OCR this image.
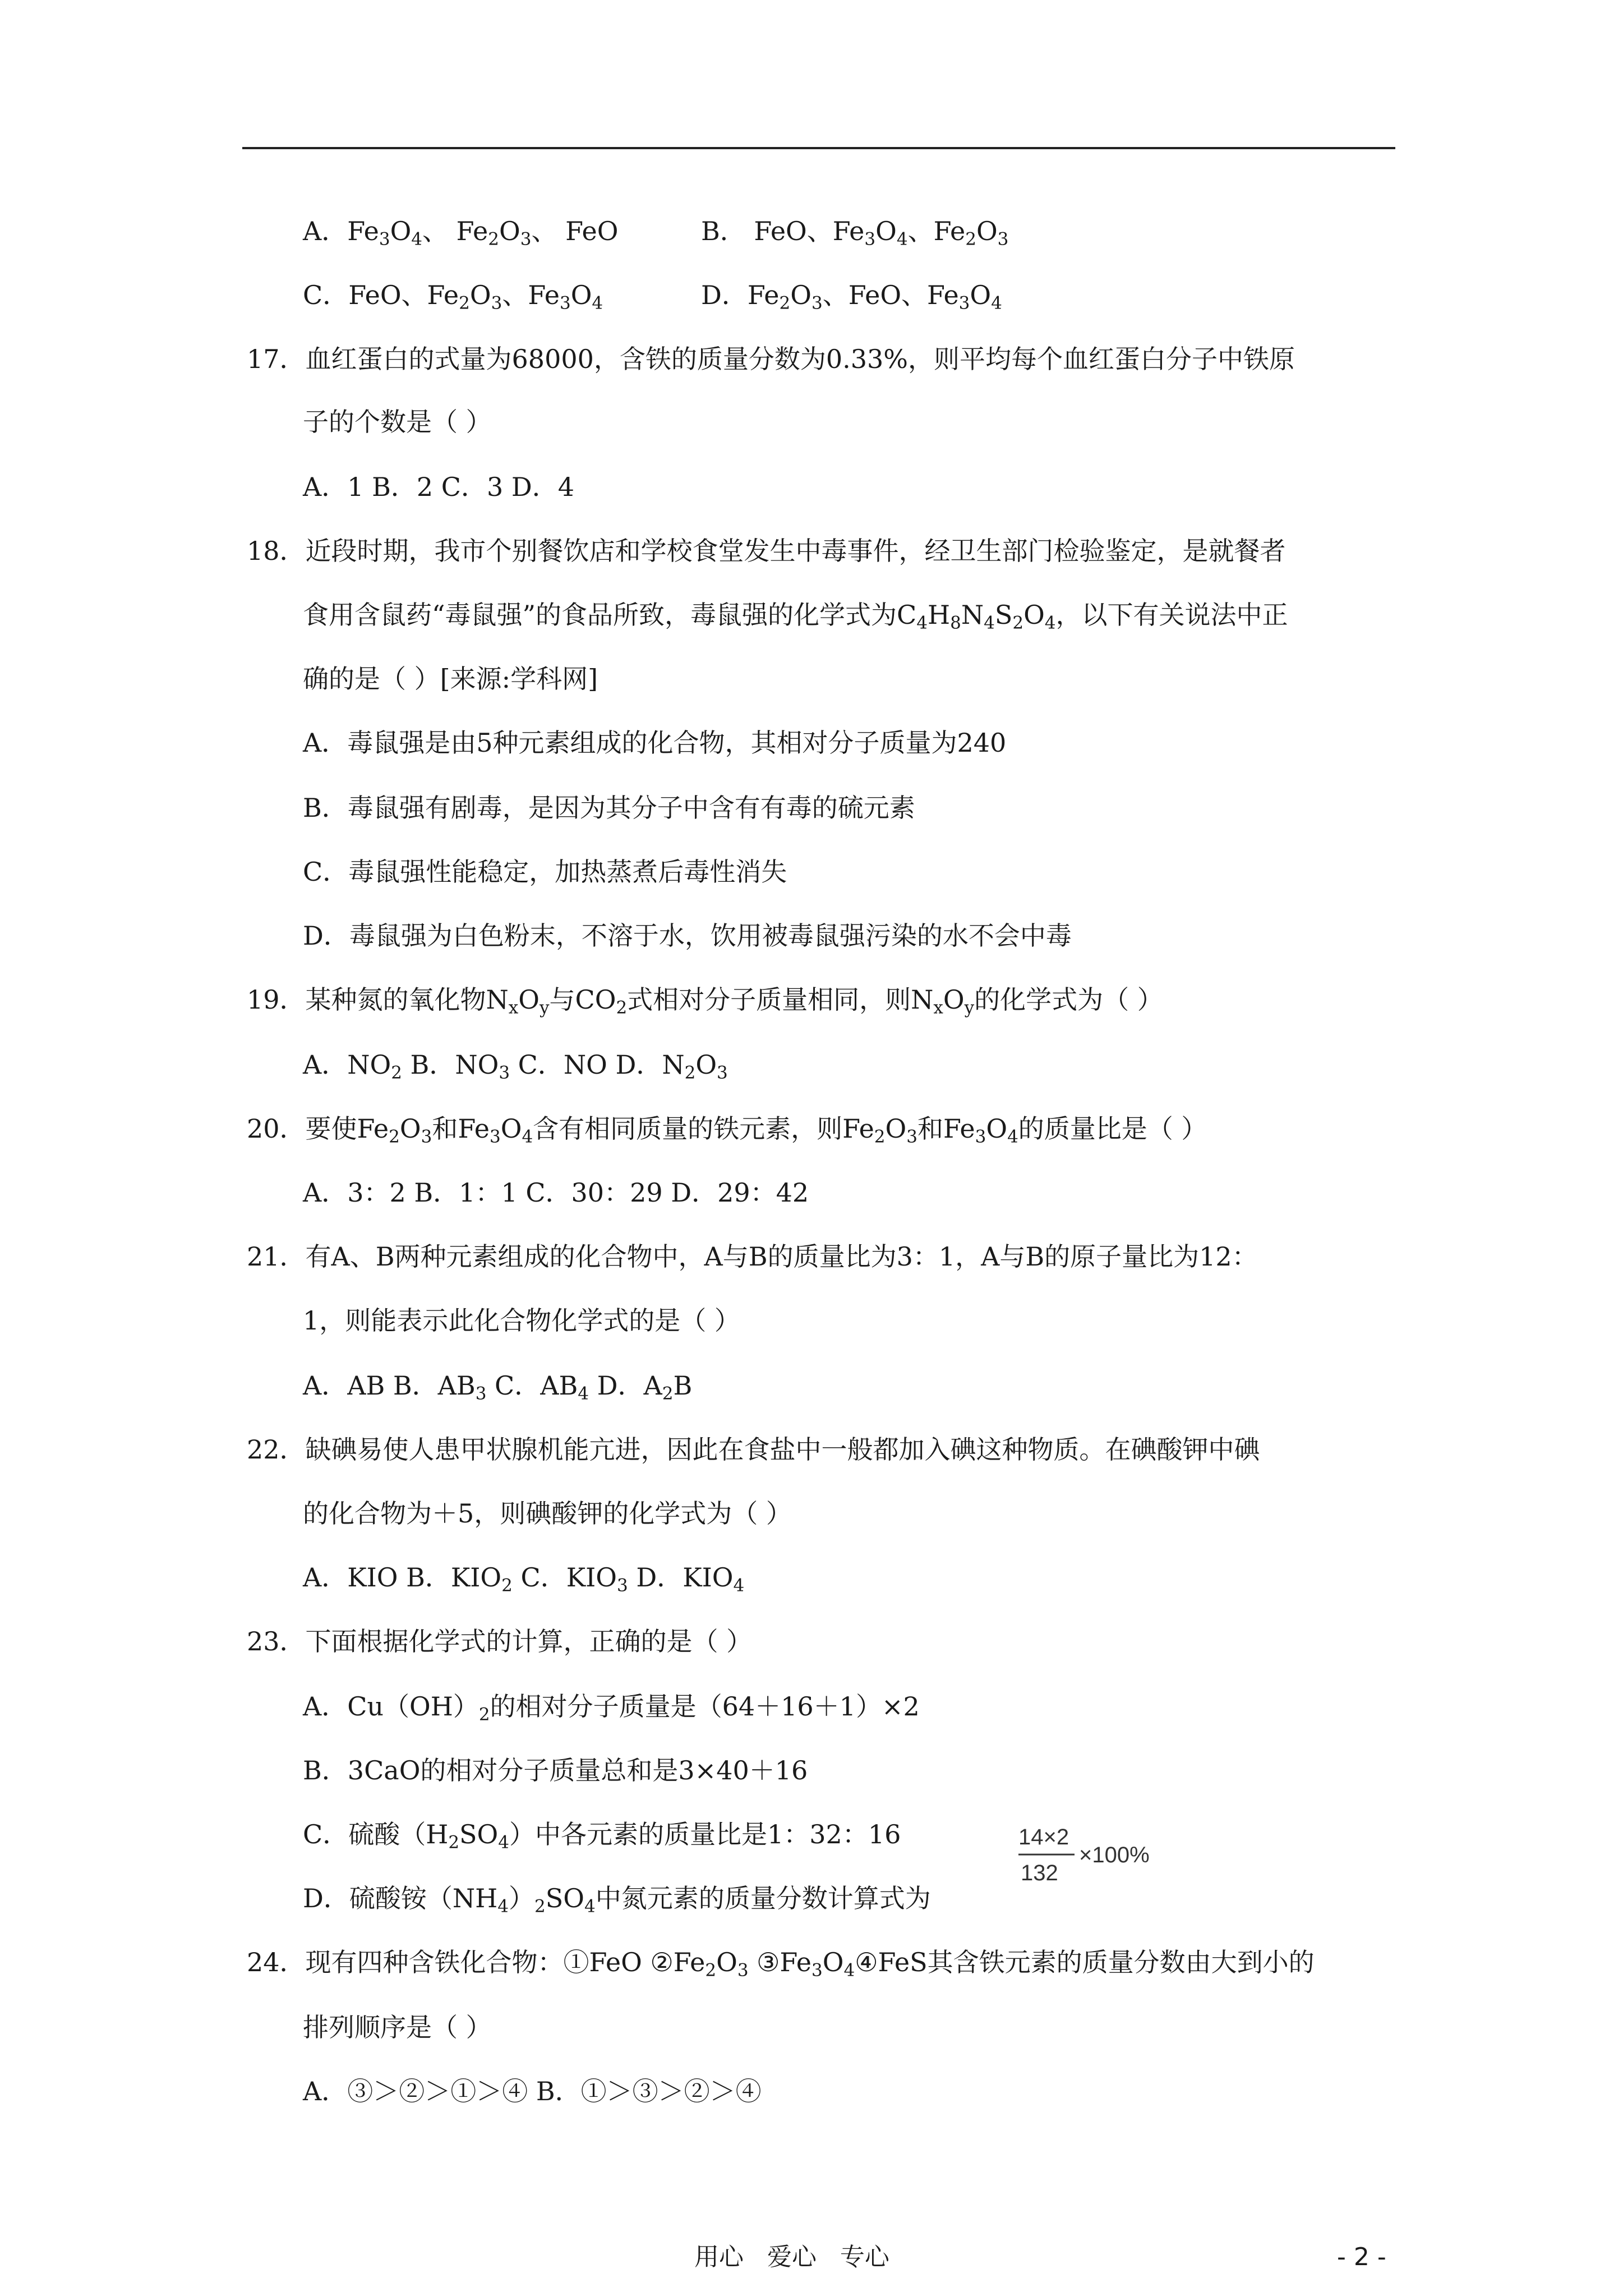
A．$Fe_3O_4$、 $Fe_2O_3$、 FeO	B． FeO、$Fe_3O_4$、$Fe_2O_3$
C．FeO、$Fe_2O_3$、$Fe_3O_4$	D．$Fe_2O_3$、FeO、$Fe_3O_4$
17．血红蛋白的式量为68000，含铁的质量分数为0.33%，则平均每个血红蛋白分子中铁原
子的个数是（ ）
A．1 B．2 C．3 D．4
18．近段时期，我市个别餐饮店和学校食堂发生中毒事件，经卫生部门检验鉴定，是就餐者
食用含鼠药“毒鼠强”的食品所致，毒鼠强的化学式为$C_4H_8N_4S_2O_4$，以下有关说法中正
确的是（ ）[来源:学科网]
A．毒鼠强是由5种元素组成的化合物，其相对分子质量为240
B．毒鼠强有剧毒，是因为其分子中含有有毒的硫元素
C．毒鼠强性能稳定，加热蒸煮后毒性消失
D．毒鼠强为白色粉末，不溶于水，饮用被毒鼠强污染的水不会中毒
19．某种氮的氧化物$N_xO_y$与$CO_2$式相对分子质量相同，则$N_xO_y$的化学式为（ ）
A．$NO_2$ B．$NO_3$ C．NO D．$N_2O_3$
20．要使$Fe_2O_3$和$Fe_3O_4$含有相同质量的铁元素，则$Fe_2O_3$和$Fe_3O_4$的质量比是（ ）
A．3：2 B．1：1 C．30：29 D．29：42
21．有A、B两种元素组成的化合物中，A与B的质量比为3：1，A与B的原子量比为12：
1，则能表示此化合物化学式的是（ ）
A．AB B．$AB_3$ C．$AB_4$ D．$A_2B$
22．缺碘易使人患甲状腺机能亢进，因此在食盐中一般都加入碘这种物质。在碘酸钾中碘
的化合物为＋5，则碘酸钾的化学式为（ ）
A．KIO B．$KIO_2$ C．$KIO_3$ D．$KIO_4$
23．下面根据化学式的计算，正确的是（ ）
A．$Cu(OH)_2$的相对分子质量是（64＋16＋1）×2
B．3CaO的相对分子质量总和是3×40＋16
C．硫酸$(H_2SO_4)$中各元素的质量比是1：32：16
D．硫酸铵$(NH_4)_2SO_4$中氮元素的质量分数计算式为
24．现有四种含铁化合物：①FeO $②Fe_2O_3$ $③Fe_3O_4④FeS$其含铁元素的质量分数由大到小的
排列顺序是（ ）
A．③＞②＞①＞④ B．①＞③＞②＞④
14×2
132
×100%
用心   爱心   专心	- 2 -
